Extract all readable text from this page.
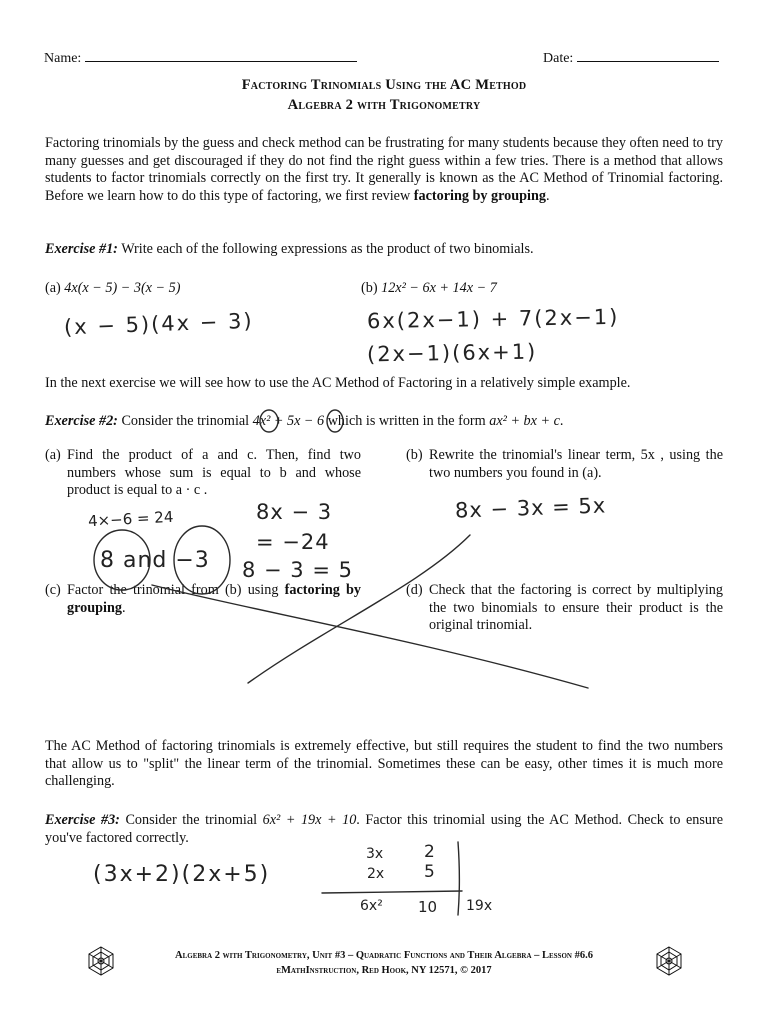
Name:	Date:
Factoring Trinomials Using the AC Method
Algebra 2 with Trigonometry
Factoring trinomials by the guess and check method can be frustrating for many students because they often need to try many guesses and get discouraged if they do not find the right guess within a few tries. There is a method that allows students to factor trinomials correctly on the first try. It generally is known as the AC Method of Trinomial factoring. Before we learn how to do this type of factoring, we first review factoring by grouping.
Exercise #1: Write each of the following expressions as the product of two binomials.
(a) 4x(x − 5) − 3(x − 5)	(b) 12x² − 6x + 14x − 7
(x − 5)(4x − 3)	6x(2x−1) + 7(2x−1)
(2x−1)(6x+1)
In the next exercise we will see how to use the AC Method of Factoring in a relatively simple example.
Exercise #2: Consider the trinomial 4x² + 5x − 6 which is written in the form ax² + bx + c.
(a) Find the product of a and c. Then, find two numbers whose sum is equal to b and whose product is equal to a · c .
(b) Rewrite the trinomial's linear term, 5x , using the two numbers you found in (a).
(c) Factor the trinomial from (b) using factoring by grouping.
(d) Check that the factoring is correct by multiplying the two binomials to ensure their product is the original trinomial.
4×−6 = 24
8 and −3
8x − 3
= −24
8 − 3 = 5
8x − 3x = 5x
The AC Method of factoring trinomials is extremely effective, but still requires the student to find the two numbers that allow us to "split" the linear term of the trinomial. Sometimes these can be easy, other times it is much more challenging.
Exercise #3: Consider the trinomial 6x² + 19x + 10. Factor this trinomial using the AC Method. Check to ensure you've factored correctly.
(3x+2)(2x+5)
3x 2
2x 5
6x² 10 19x
Algebra 2 with Trigonometry, Unit #3 – Quadratic Functions and Their Algebra – Lesson #6.6
eMathInstruction, Red Hook, NY 12571, © 2017
